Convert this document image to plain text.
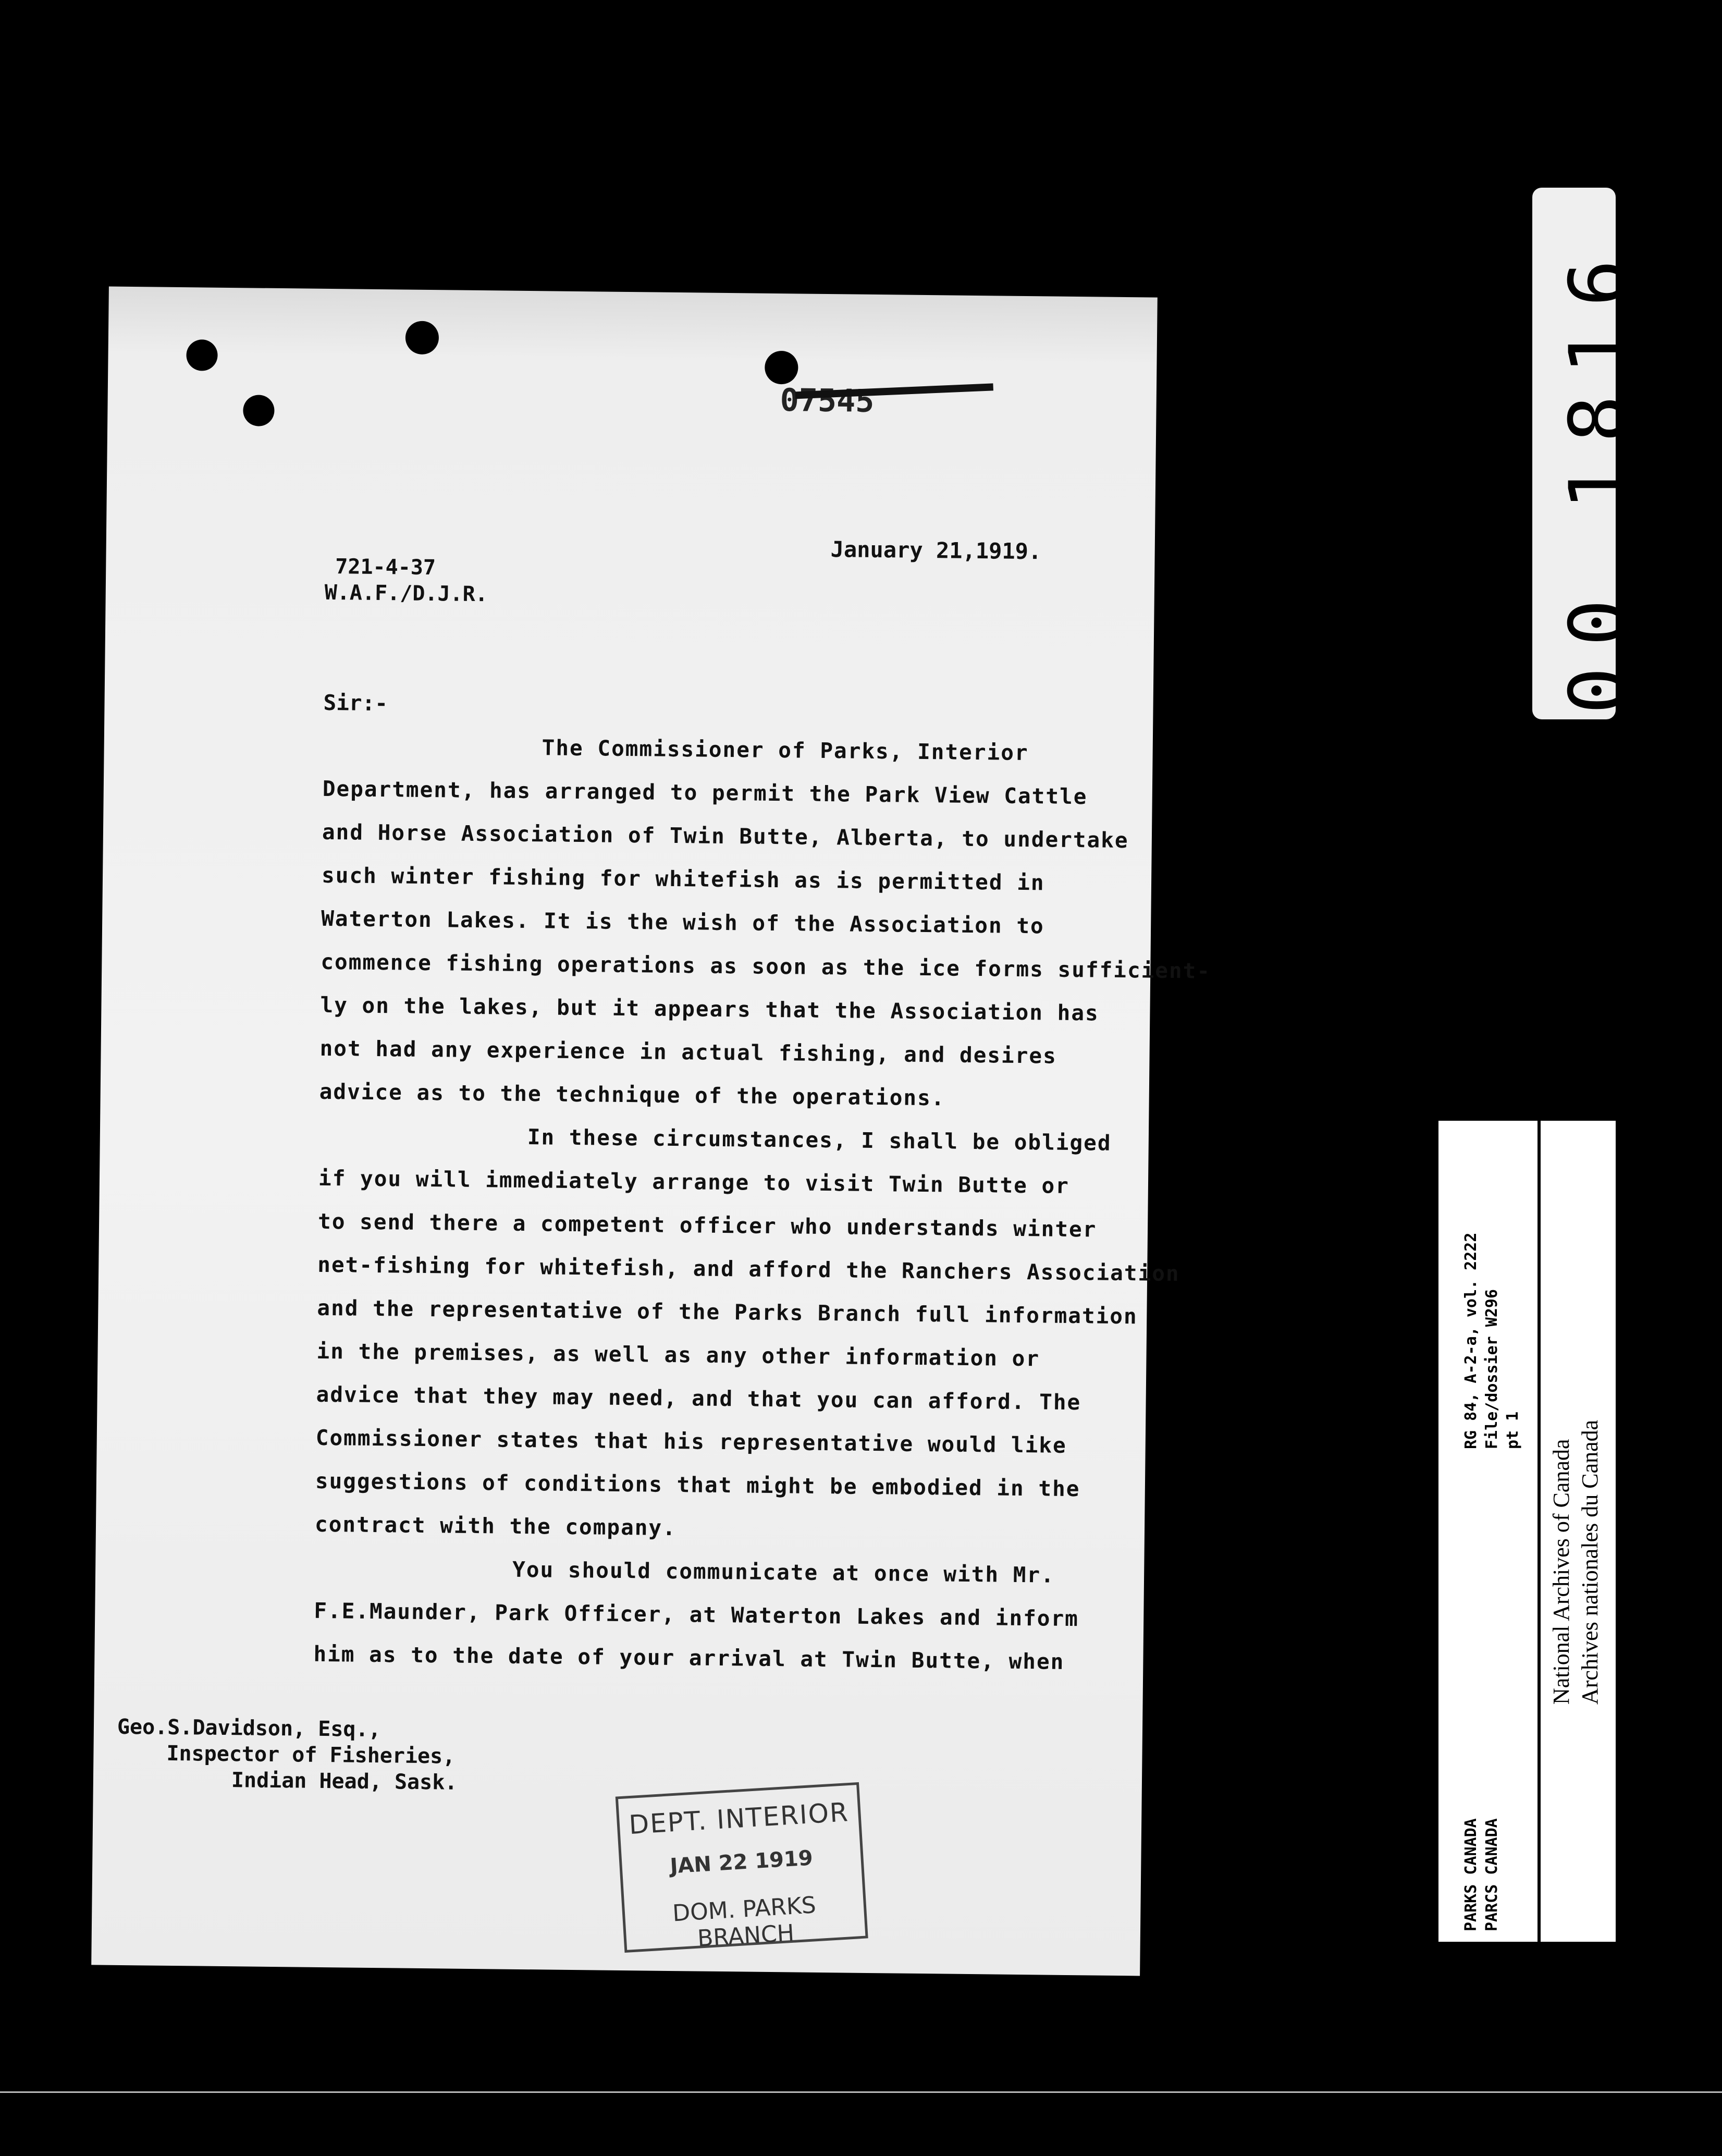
00 1816
07545
January 21,1919.
721-4-37
W.A.F./D.J.R.
Sir:-
The Commissioner of Parks, Interior
Department, has arranged to permit the Park View Cattle
and Horse Association of Twin Butte, Alberta, to undertake
such winter fishing for whitefish as is permitted in
Waterton Lakes. It is the wish of the Association to
commence fishing operations as soon as the ice forms sufficient-
ly on the lakes, but it appears that the Association has
not had any experience in actual fishing, and desires
advice as to the technique of the operations.
In these circumstances, I shall be obliged
if you will immediately arrange to visit Twin Butte or
to send there a competent officer who understands winter
net-fishing for whitefish, and afford the Ranchers Association
and the representative of the Parks Branch full information
in the premises, as well as any other information or
advice that they may need, and that you can afford. The
Commissioner states that his representative would like
suggestions of conditions that might be embodied in the
contract with the company.
You should communicate at once with Mr.
F.E.Maunder, Park Officer, at Waterton Lakes and inform
him as to the date of your arrival at Twin Butte, when
Geo.S.Davidson, Esq.,
Inspector of Fisheries,
Indian Head, Sask.
DEPT. INTERIOR
JAN 22 1919
DOM. PARKS BRANCH
PARKS CANADA PARCS CANADA
RG 84, A-2-a, vol. 2222 File/dossier W296 pt 1
National Archives of Canada Archives nationales du Canada
